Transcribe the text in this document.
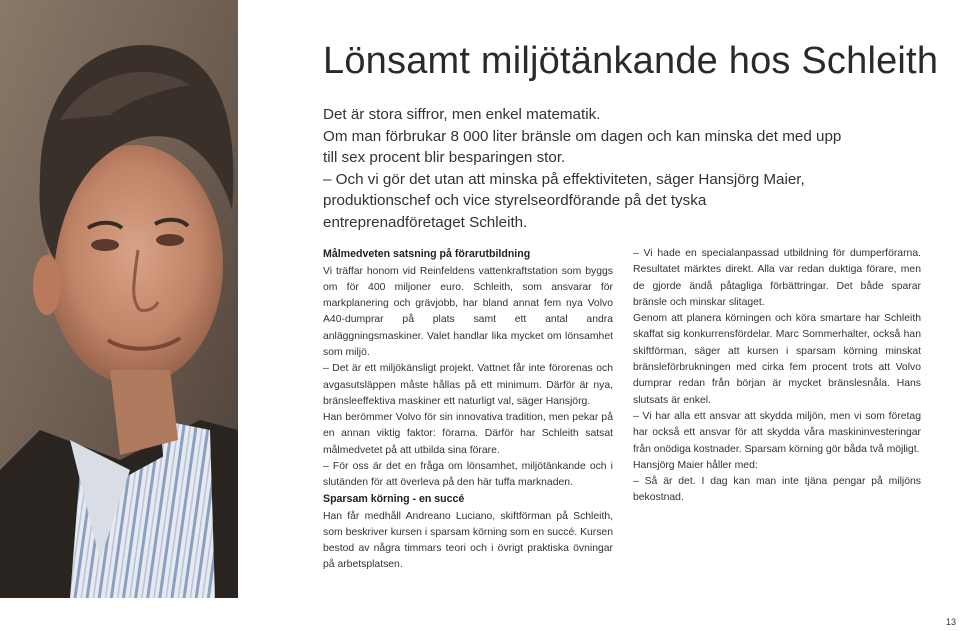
Lönsamt miljötänkande hos Schleith

Det är stora siffror, men enkel matematik.

Om man förbrukar 8 000 liter bränsle om dagen och kan minska det med upp till sex procent blir besparingen stor.

– Och vi gör det utan att minska på effektiviteten, säger Hansjörg Maier, produktionschef och vice styrelseordförande på det tyska entreprenadföretaget Schleith.

Målmedveten satsning på förarutbildning

Vi träffar honom vid Reinfeldens vattenkraftstation som byggs om för 400 miljoner euro. Schleith, som ansvarar för markplanering och grävjobb, har bland annat fem nya Volvo A40-dumprar på plats samt ett antal andra anläggningsmaskiner. Valet handlar lika mycket om lönsamhet som miljö.

– Det är ett miljökänsligt projekt. Vattnet får inte förorenas och avgasutsläppen måste hållas på ett minimum. Därför är nya, bränsleeffektiva maskiner ett naturligt val, säger Hansjörg.

Han berömmer Volvo för sin innovativa tradition, men pekar på en annan viktig faktor: förarna. Därför har Schleith satsat målmedvetet på att utbilda sina förare.

– För oss är det en fråga om lönsamhet, miljötänkande och i slutänden för att överleva på den här tuffa marknaden.

Sparsam körning - en succé

Han får medhåll Andreano Luciano, skiftförman på Schleith, som beskriver kursen i sparsam körning som en succé. Kursen bestod av några timmars teori och i övrigt praktiska övningar på arbetsplatsen.

– Vi hade en specialanpassad utbildning för dumperförarna. Resultatet märktes direkt. Alla var redan duktiga förare, men de gjorde ändå påtagliga förbättringar. Det både sparar bränsle och minskar slitaget.

Genom att planera körningen och köra smartare har Schleith skaffat sig konkurrensfördelar. Marc Sommerhalter, också han skiftförman, säger att kursen i sparsam körning minskat bränsleförbrukningen med cirka fem procent trots att Volvo dumprar redan från början är mycket bränslesnåla. Hans slutsats är enkel.

– Vi har alla ett ansvar att skydda miljön, men vi som företag har också ett ansvar för att skydda våra maskininvesteringar från onödiga kostnader. Sparsam körning gör båda två möjligt.

Hansjörg Maier håller med:

– Så är det. I dag kan man inte tjäna pengar på miljöns bekostnad.

13
